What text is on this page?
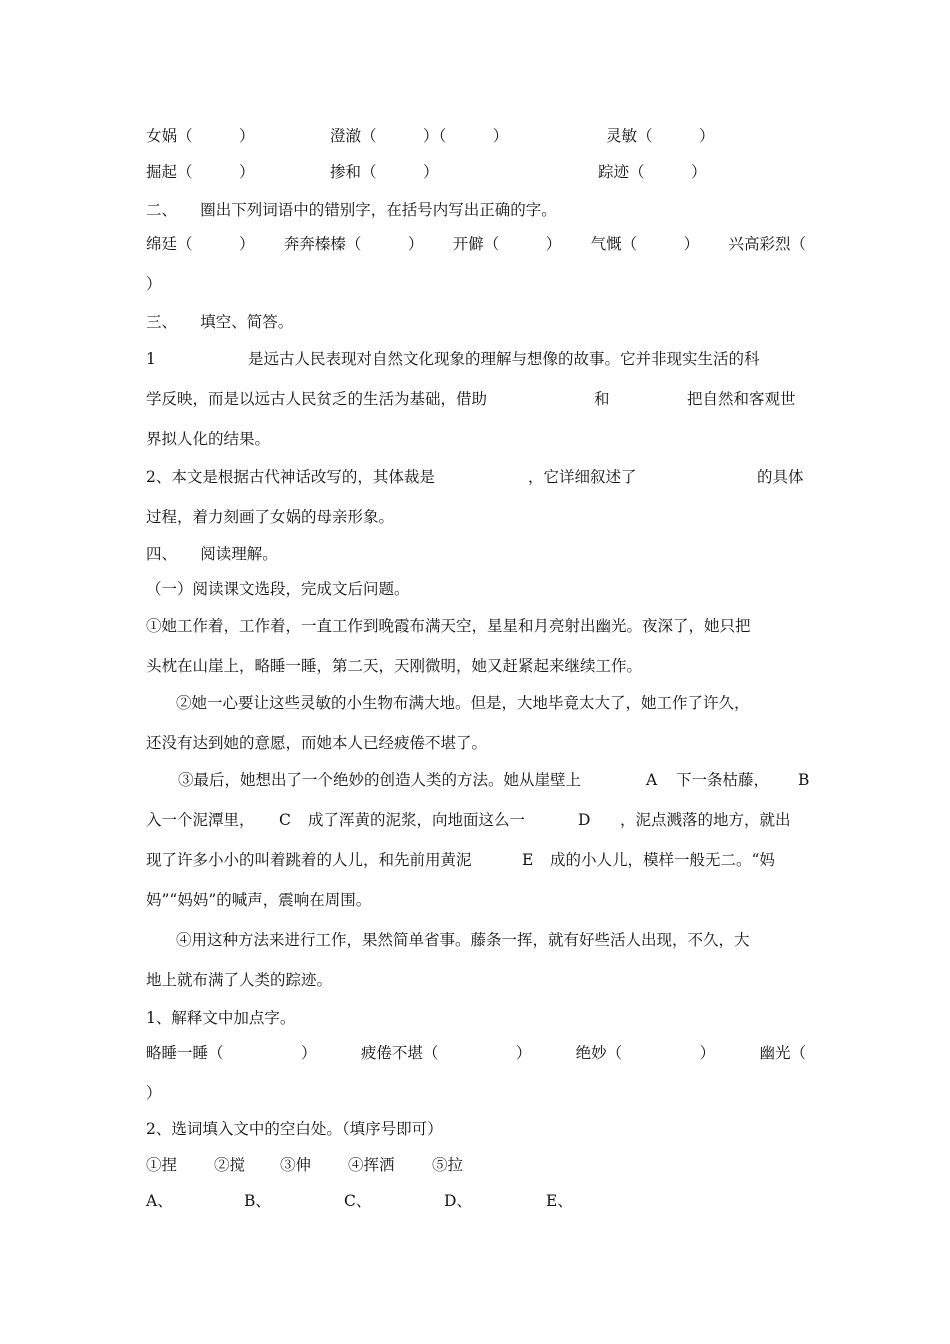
女娲（　　　）	澄澈（　　　）（　　　）	灵敏（　　　）
掘起（　　　）	掺和（　　　）	踪迹（　　　）
二、　　圈出下列词语中的错别字，在括号内写出正确的字。
绵廷（　　　） 奔奔榛榛（　　　） 开僻（　　　） 气慨（　　　） 兴高彩烈（
）
三、　　填空、简答。
1	是远古人民表现对自然文化现象的理解与想像的故事。它并非现实生活的科
学反映，而是以远古人民贫乏的生活为基础，借助	和	把自然和客观世
界拟人化的结果。
2、本文是根据古代神话改写的，其体裁是	，它详细叙述了	的具体
过程，着力刻画了女娲的母亲形象。
四、　　阅读理解。
（一）阅读课文选段，完成文后问题。
①她工作着，工作着，一直工作到晚霞布满天空，星星和月亮射出幽光。夜深了，她只把
头枕在山崖上，略睡一睡，第二天，天刚微明，她又赶紧起来继续工作。
②她一心要让这些灵敏的小生物布满大地。但是，大地毕竟太大了，她工作了许久，
还没有达到她的意愿，而她本人已经疲倦不堪了。
③最后，她想出了一个绝妙的创造人类的方法。她从崖壁上	A 下一条枯藤， B
入一个泥潭里， C 成了浑黄的泥浆，向地面这么一	D ，泥点溅落的地方，就出
现了许多小小的叫着跳着的人儿，和先前用黄泥	E 成的小人儿，模样一般无二。“妈
妈”“妈妈”的喊声，震响在周围。
④用这种方法来进行工作，果然简单省事。藤条一挥，就有好些活人出现，不久，大
地上就布满了人类的踪迹。
1、解释文中加点字。
略睡一睡（　　　　　）	疲倦不堪（　　　　　）	绝妙（　　　　　）	幽光（
）
2、选词填入文中的空白处。（填序号即可）
①捏 ②搅 ③伸 ④挥洒 ⑤拉
A、	B、	C、	D、	E、
